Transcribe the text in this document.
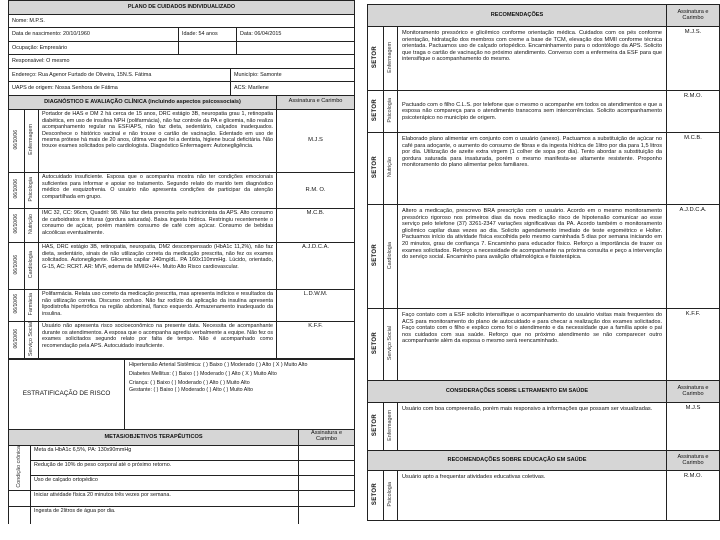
PLANO DE CUIDADOS INDIVIDUALIZADO		
Nome: M.P.S.		
Data de nascimento: 20/10/1960	Idade: 54 anos	Data: 06/04/2015
Ocupação: Empresário		
Responsável: O mesmo		
Endereço: Rua Agenor Furtado de Oliveira, 15N.S. Fátima	Município: Samonte
UAPS de origem: Nossa Senhora de Fátima	ACS: Marilene
DIAGNÓSTICO E AVALIAÇÃO CLÍNICA (incluindo aspectos psicossociais)			Assinatura e Carimbo
06/10/06	Enfermagem	Portador de HAS e DM 2 há cerca de 15 anos, DRC estágio 3B, neuropatia grau 1, retinopatia diabética, em uso de insulina NPH (polifarmácia), não faz controle da PA e glicemia, não realiza acompanhamento regular na ESF/APS, não faz dieta, sedentário, calçados inadequados. Desconhece o histórico vacinal e não trouxe o cartão de vacinação. Edentado em uso de mesma prótese há mais de 20 anos, última vez que foi a dentista, higiene bucal deficitária. Não trouxe exames solicitados pelo cardiologista. Diagnóstico Enfermagem: Autonegligência.	M.J.S
06/10/06	Psicologia	Autocuidado insuficiente. Esposa que o acompanha mostra não ter condições emocionais suficientes para informar e apoiar no tratamento. Segundo relato do marido tem diagnóstico médico de esquizofrenia. O usuário não apresenta condições de participar da atenção compartilhada em grupo.	R.M. O.
06/10/06	Nutrição	IMC 32, CC: 96cm, Quadril: 98. Não faz dieta prescrita pelo nutricionista da APS. Alto consumo de carboidratos e frituras (gordura saturada). Baixa ingesta hídrica. Restringiu recentemente o consumo de açúcar, porém mantém consumo de café com açúcar. Consumo de bebidas alcoólicas eventualmente.	M.C.B.
06/10/06	Cardiologia	HAS, DRC estágio 3B, retinopatia, neuropatia, DM2 descompensado (HbA1c 11,2%), não faz dieta, sedentário, sinais de não utilização correta da medicação prescrita, não fez os exames solicitados. Autonegligente. Glicemia capilar 240mg/dL. PA 160x110mmHg. Lúcido, orientado, G-15, AC: RCRT. AR: MVF, edema de MMII2+/4+. Muito Alto Risco cardiovascular.	A.J.D.C.A.
06/10/06	Farmácia	Polifarmácia. Relata uso correto da medicação prescrita, mas apresenta indícios e resultados da não utilização correta. Discurso confuso. Não faz rodízio da aplicação da insulina apresenta lipodistrofia hipertrófica na região abdominal, flanco esquerdo. Armazenamento inadequado da insulina.	L.D.W.M.
06/10/06	Serviço Social	Usuário não apresenta risco socioeconômico na presente data. Necessita de acompanhante durante os atendimentos. A esposa que o acompanha agrediu verbalmente a equipe. Não fez os exames solicitados segundo relato por falta de tempo. Não é acompanhado como recomendação pela APS. Autocuidado insuficiente.	K.F.F.
ESTRATIFICAÇÃO DE RISCO	
Hipertensão Arterial Sistêmica: ( ) Baixo ( ) Moderado ( ) Alto ( X ) Muito Alto
Diabetes Mellitus: ( ) Baixo ( ) Moderado ( ) Alto ( X ) Muito Alto
Criança: ( ) Baixo ( ) Moderado ( ) Alto ( ) Muito Alto
Gestante: ( ) Baixo ( ) Moderado ( ) Alto ( ) Muito Alto
METAS/OBJETIVOS TERAPÊUTICOS		Assinatura e Carimbo
Condição crônica	Meta da HbA1c 6,5%, PA: 130x90mmHg	
	Redução de 10% do peso corporal até o próximo retorno.	
	Uso de calçado ortopédico	
	Iniciar atividade física 20 minutos três vezes por semana.	
	Ingesta de 2litros de água por dia.	
RECOMENDAÇÕES			Assinatura e Carimbo
SETOR	Enfermagem	Monitoramento pressórico e glicêmico conforme orientação médica. Cuidados com os pés conforme orientação, hidratação dos membros com creme a base de TCM, elevação dos MMII conforme técnica orientada. Pactuamos uso de calçado ortopédico. Encaminhamento para o odontólogo da APS. Solicito que traga o cartão de vacinação no próximo atendimento. Converso com a enfermeira da ESF para que intensifique o acompanhamento do mesmo.	M.J.S.
SETOR	Psicologia	Pactuado com o filho C.L.S. por telefone que o mesmo o acompanhe em todos os atendimentos e que a esposa não compareça para o atendimento transcorra sem intercorrências. Solicito acompanhamento psicoterápico no município de origem.	R.M.O.
SETOR	Nutrição	Elaborado plano alimentar em conjunto com o usuário (anexo). Pactuamos a substituição de açúcar no café para adoçante, o aumento do consumo de fibras e da ingesta hídrica de 1litro por dia para 1,5 litros por dia. Utilização de azeite extra virgem (1 colher de sopa por dia). Tento abordar a substituição da gordura saturada para insaturada, porém o mesmo manifesta-se altamente resistente. Proponho monitoramento do plano alimentar pelos familiares.	M.C.B.
SETOR	Cardiologia	Altero a medicação, prescrevo BRA prescrição com o usuário. Acordo em o mesmo monitoramento pressórico rigoroso nos primeiros dias da nova medicação risco de hipotensão comunicar ao esse serviço pelo telefone (37) 3261-2347 variações significativas da PA. Acordo também o monitoramento glicêmico capilar duas vezes ao dia. Solicito agendamento imediato de teste ergométrico e Holter. Pactuamos início da atividade física escolhida pelo mesmo caminhada 5 dias por semana iniciando em 20 minutos, grau de confiança 7. Encaminho para educador físico. Reforço a importância de trazer os exames solicitados. Reforço a necessidade de acompanhante na próxima consulta e peço a intervenção do serviço social. Encaminho para avalição oftalmológica e fisioterápica.	A.J.D.C.A.
SETOR	Serviço Social	Faço contato com a ESF solicito intensifique o acompanhamento do usuário visitas mais frequentes do ACS para monitoramento do plano de autocuidado e para checar a realização dos exames solicitados. Faço contato com o filho e explico como foi o atendimento e da necessidade que a família apoie o pai nos cuidados com sua saúde. Reforço que no próximo atendimento se não comparecer outro acompanhante além da esposa o mesmo será reencaminhado.	K.F.F.
CONSIDERAÇÕES SOBRE LETRAMENTO EM SAÚDE			Assinatura e Carimbo
SETOR	Enfermagem	Usuário com boa compreensão, porém mais responsivo a informações que possam ser visualizadas.	M.J.S
RECOMENDAÇÕES SOBRE EDUCAÇÃO EM SAÚDE			Assinatura e Carimbo
SETOR	Psicologia	Usuário apto a frequentar atividades educativas coletivas.	R.M.O.
